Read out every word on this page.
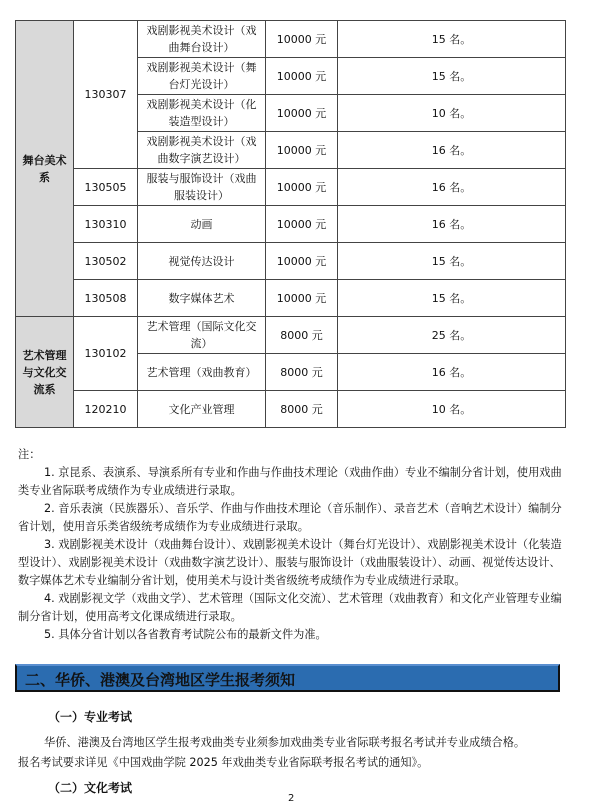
舞台美术系	130307	戏剧影视美术设计（戏曲舞台设计）	10000 元	15 名。
		戏剧影视美术设计（舞台灯光设计）	10000 元	15 名。
		戏剧影视美术设计（化装造型设计）	10000 元	10 名。
		戏剧影视美术设计（戏曲数字演艺设计）	10000 元	16 名。
	130505	服装与服饰设计（戏曲服装设计）	10000 元	16 名。
	130310	动画	10000 元	16 名。
	130502	视觉传达设计	10000 元	15 名。
	130508	数字媒体艺术	10000 元	15 名。
艺术管理与文化交流系	130102	艺术管理（国际文化交流）	8000 元	25 名。
		艺术管理（戏曲教育）	8000 元	16 名。
	120210	文化产业管理	8000 元	10 名。

注：

1. 京昆系、表演系、导演系所有专业和作曲与作曲技术理论（戏曲作曲）专业不编制分省计划，使用戏曲类专业省际联考成绩作为专业成绩进行录取。

2. 音乐表演（民族器乐）、音乐学、作曲与作曲技术理论（音乐制作）、录音艺术（音响艺术设计）编制分省计划，使用音乐类省级统考成绩作为专业成绩进行录取。

3. 戏剧影视美术设计（戏曲舞台设计）、戏剧影视美术设计（舞台灯光设计）、戏剧影视美术设计（化装造型设计）、戏剧影视美术设计（戏曲数字演艺设计）、服装与服饰设计（戏曲服装设计）、动画、视觉传达设计、数字媒体艺术专业编制分省计划，使用美术与设计类省级统考成绩作为专业成绩进行录取。

4. 戏剧影视文学（戏曲文学）、艺术管理（国际文化交流）、艺术管理（戏曲教育）和文化产业管理专业编制分省计划，使用高考文化课成绩进行录取。

5. 具体分省计划以各省教育考试院公布的最新文件为准。

二、华侨、港澳及台湾地区学生报考须知
（一）专业考试

华侨、港澳及台湾地区学生报考戏曲类专业须参加戏曲类专业省际联考报名考试并专业成绩合格。

报名考试要求详见《中国戏曲学院 2025 年戏曲类专业省际联考报名考试的通知》。

（二）文化考试
2
